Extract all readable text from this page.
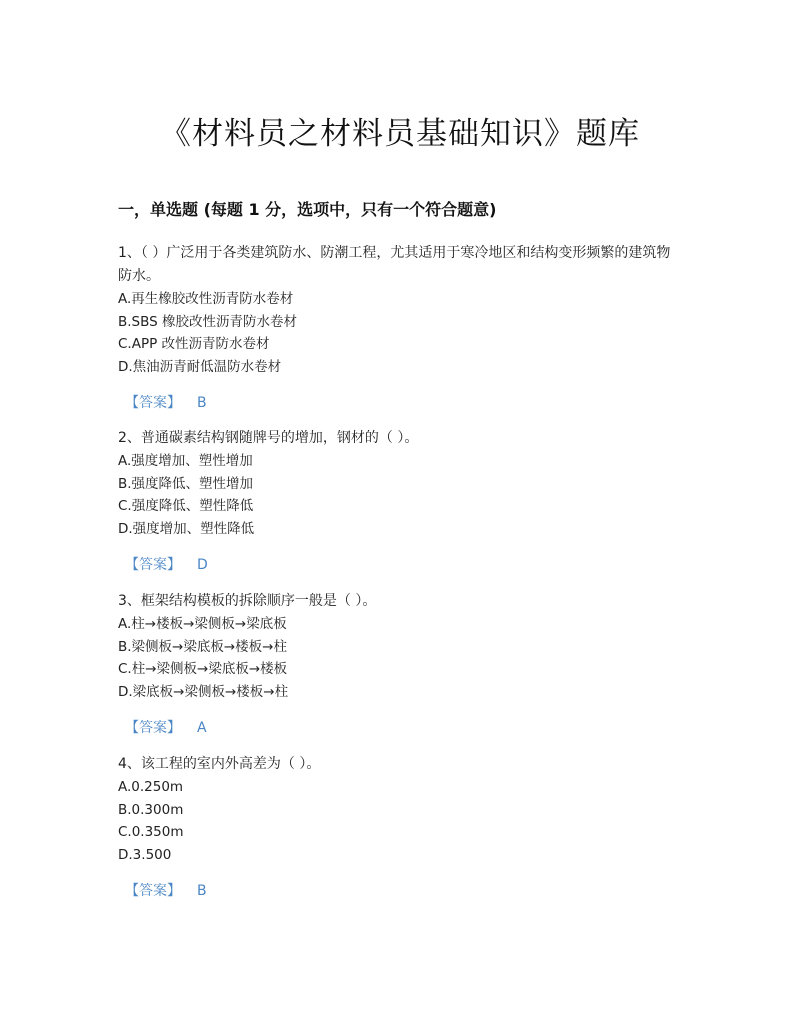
《材料员之材料员基础知识》题库
一，单选题 (每题 1 分，选项中，只有一个符合题意)
1、（ ）广泛用于各类建筑防水、防潮工程，尤其适用于寒冷地区和结构变形频繁的建筑物防水。
A.再生橡胶改性沥青防水卷材
B.SBS 橡胶改性沥青防水卷材
C.APP 改性沥青防水卷材
D.焦油沥青耐低温防水卷材
【答案】 B
2、普通碳素结构钢随牌号的增加，钢材的（ ）。
A.强度增加、塑性增加
B.强度降低、塑性增加
C.强度降低、塑性降低
D.强度增加、塑性降低
【答案】 D
3、框架结构模板的拆除顺序一般是（ ）。
A.柱→楼板→梁侧板→梁底板
B.梁侧板→梁底板→楼板→柱
C.柱→梁侧板→梁底板→楼板
D.梁底板→梁侧板→楼板→柱
【答案】 A
4、该工程的室内外高差为（ ）。
A.0.250m
B.0.300m
C.0.350m
D.3.500
【答案】 B
